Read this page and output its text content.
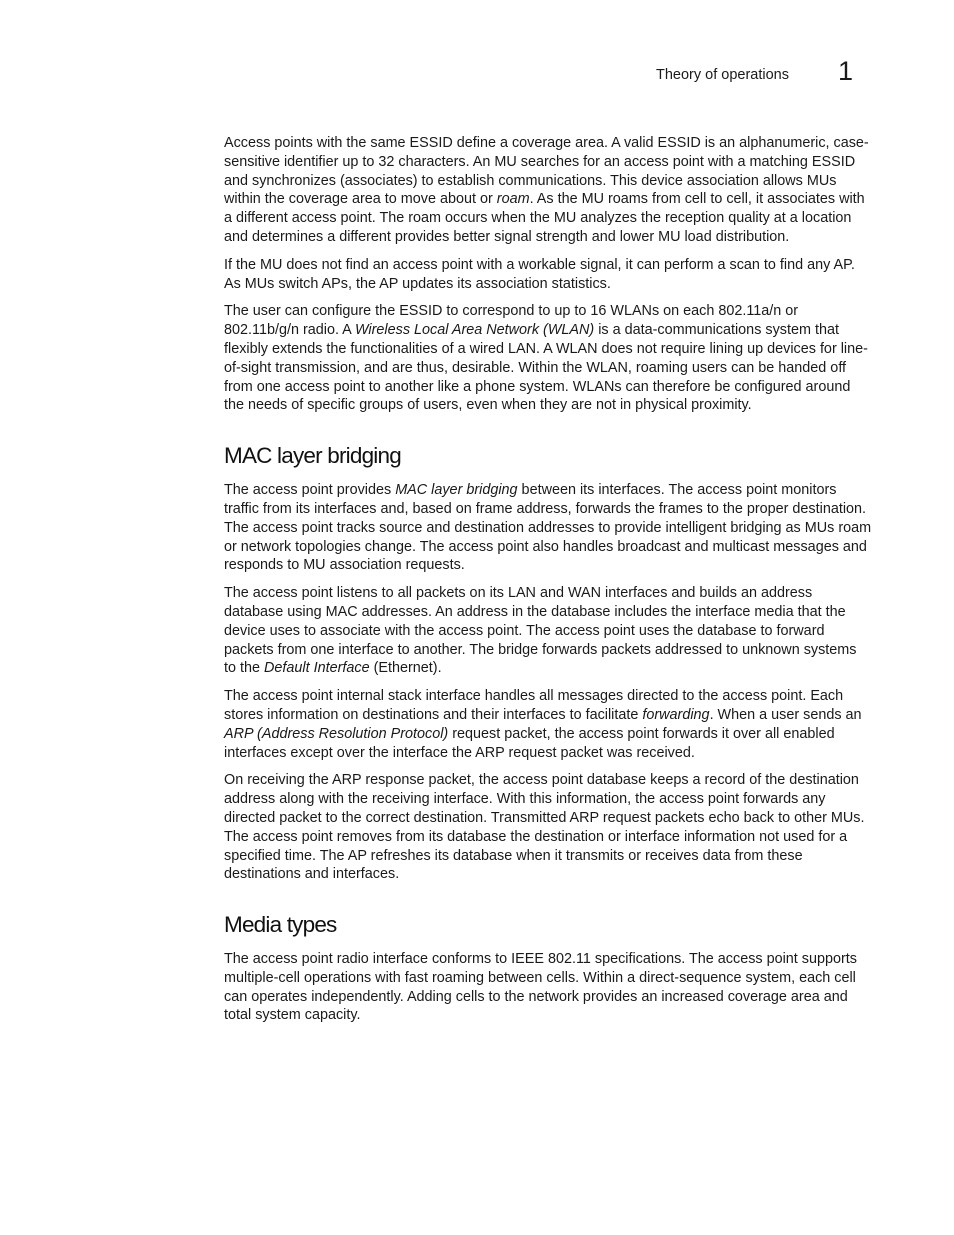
Theory of operations 1

Access points with the same ESSID define a coverage area. A valid ESSID is an alphanumeric, case-sensitive identifier up to 32 characters. An MU searches for an access point with a matching ESSID and synchronizes (associates) to establish communications. This device association allows MUs within the coverage area to move about or roam. As the MU roams from cell to cell, it associates with a different access point. The roam occurs when the MU analyzes the reception quality at a location and determines a different provides better signal strength and lower MU load distribution.

If the MU does not find an access point with a workable signal, it can perform a scan to find any AP. As MUs switch APs, the AP updates its association statistics.

The user can configure the ESSID to correspond to up to 16 WLANs on each 802.11a/n or 802.11b/g/n radio. A Wireless Local Area Network (WLAN) is a data-communications system that flexibly extends the functionalities of a wired LAN. A WLAN does not require lining up devices for line-of-sight transmission, and are thus, desirable. Within the WLAN, roaming users can be handed off from one access point to another like a phone system. WLANs can therefore be configured around the needs of specific groups of users, even when they are not in physical proximity.

MAC layer bridging

The access point provides MAC layer bridging between its interfaces. The access point monitors traffic from its interfaces and, based on frame address, forwards the frames to the proper destination. The access point tracks source and destination addresses to provide intelligent bridging as MUs roam or network topologies change. The access point also handles broadcast and multicast messages and responds to MU association requests.

The access point listens to all packets on its LAN and WAN interfaces and builds an address database using MAC addresses. An address in the database includes the interface media that the device uses to associate with the access point. The access point uses the database to forward packets from one interface to another. The bridge forwards packets addressed to unknown systems to the Default Interface (Ethernet).

The access point internal stack interface handles all messages directed to the access point. Each stores information on destinations and their interfaces to facilitate forwarding. When a user sends an ARP (Address Resolution Protocol) request packet, the access point forwards it over all enabled interfaces except over the interface the ARP request packet was received.

On receiving the ARP response packet, the access point database keeps a record of the destination address along with the receiving interface. With this information, the access point forwards any directed packet to the correct destination. Transmitted ARP request packets echo back to other MUs. The access point removes from its database the destination or interface information not used for a specified time. The AP refreshes its database when it transmits or receives data from these destinations and interfaces.

Media types

The access point radio interface conforms to IEEE 802.11 specifications. The access point supports multiple-cell operations with fast roaming between cells. Within a direct-sequence system, each cell can operates independently. Adding cells to the network provides an increased coverage area and total system capacity.
